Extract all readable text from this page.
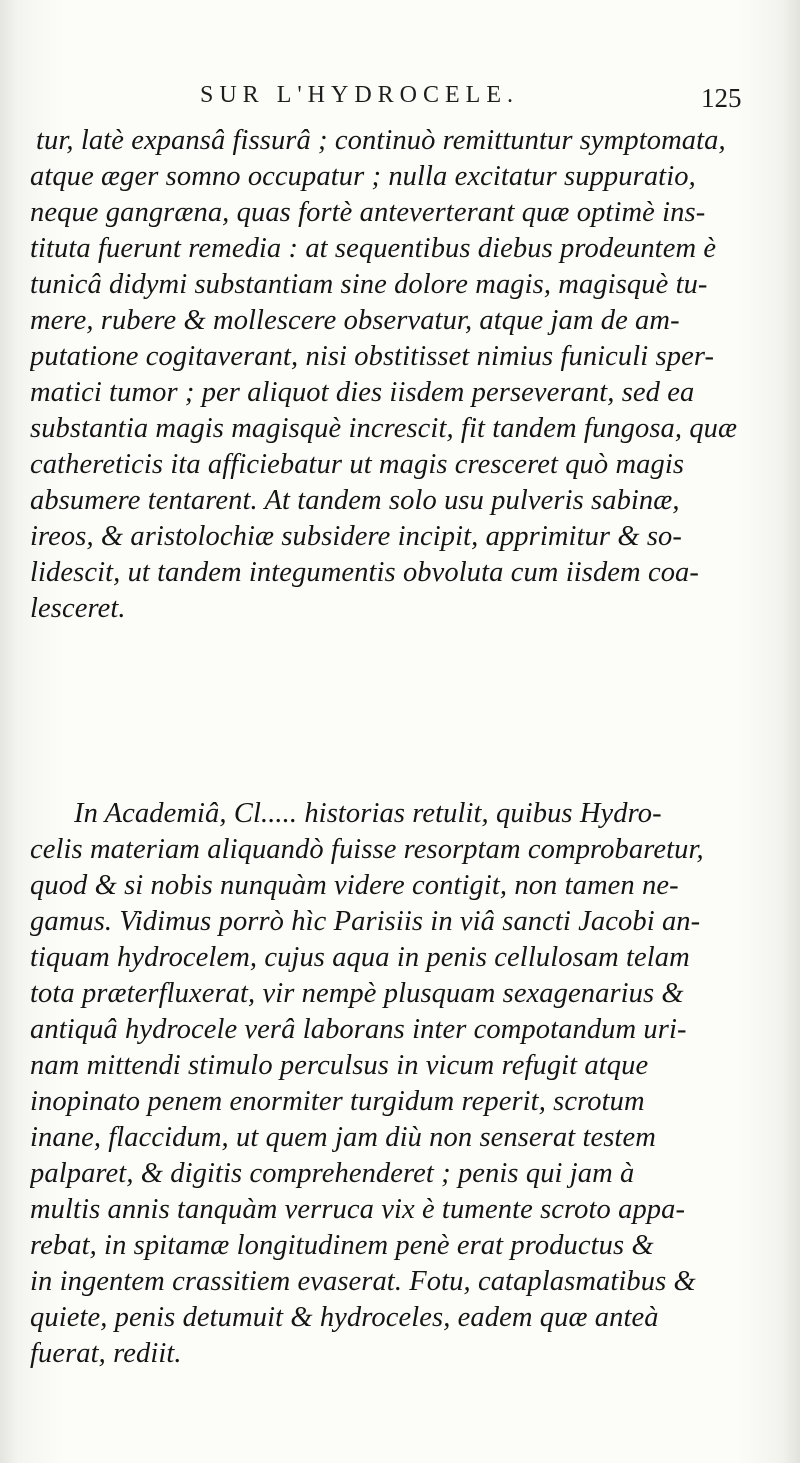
SUR L'HYDROCELE.	125
tur, latè expansâ fissurâ ; continuò remittuntur symptomata,
atque æger somno occupatur ; nulla excitatur suppuratio,
neque gangræna, quas fortè anteverterant quæ optimè ins-
tituta fuerunt remedia : at sequentibus diebus prodeuntem è
tunicâ didymi substantiam sine dolore magis, magisquè tu-
mere, rubere & mollescere observatur, atque jam de am-
putatione cogitaverant, nisi obstitisset nimius funiculi sper-
matici tumor ; per aliquot dies iisdem perseverant, sed ea
substantia magis magisquè increscit, fit tandem fungosa, quæ
cathereticis ita afficiebatur ut magis cresceret quò magis
absumere tentarent. At tandem solo usu pulveris sabinæ,
ireos, & aristolochiæ subsidere incipit, apprimitur & so-
lidescit, ut tandem integumentis obvoluta cum iisdem coa-
lesceret.
In Academiâ, Cl..... historias retulit, quibus Hydro-
celis materiam aliquandò fuisse resorptam comprobaretur,
quod & si nobis nunquàm videre contigit, non tamen ne-
gamus. Vidimus porrò hìc Parisiis in viâ sancti Jacobi an-
tiquam hydrocelem, cujus aqua in penis cellulosam telam
tota præterfluxerat, vir nempè plusquam sexagenarius &
antiquâ hydrocele verâ laborans inter compotandum uri-
nam mittendi stimulo perculsus in vicum refugit atque
inopinato penem enormiter turgidum reperit, scrotum
inane, flaccidum, ut quem jam diù non senserat testem
palparet, & digitis comprehenderet ; penis qui jam à
multis annis tanquàm verruca vix è tumente scroto appa-
rebat, in spitamæ longitudinem penè erat productus &
in ingentem crassitiem evaserat. Fotu, cataplasmatibus &
quiete, penis detumuit & hydroceles, eadem quæ anteà
fuerat, rediit.
